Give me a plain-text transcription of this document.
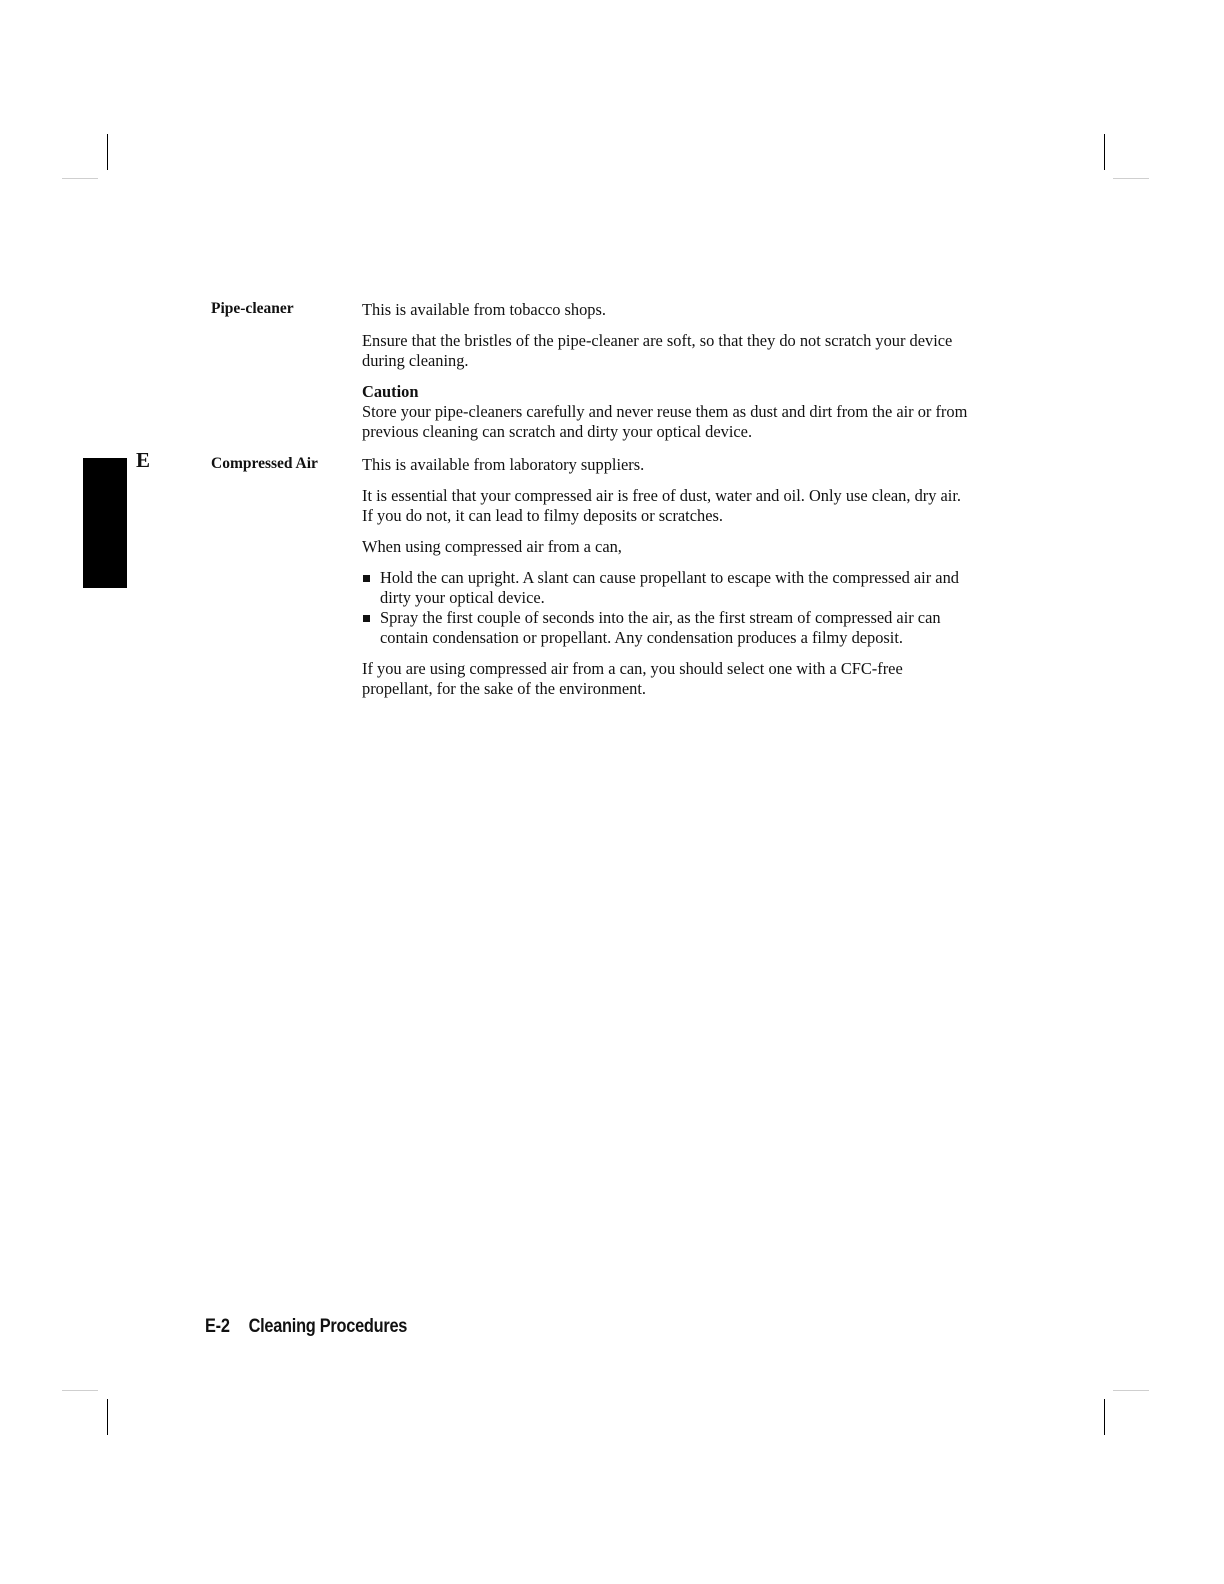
E
Pipe-cleaner	This is available from tobacco shops.

Ensure that the bristles of the pipe-cleaner are soft, so that they do not scratch your device during cleaning.

Caution
Store your pipe-cleaners carefully and never reuse them as dust and dirt from the air or from previous cleaning can scratch and dirty your optical device.

Compressed Air	This is available from laboratory suppliers.

It is essential that your compressed air is free of dust, water and oil. Only use clean, dry air. If you do not, it can lead to filmy deposits or scratches.

When using compressed air from a can,

Hold the can upright. A slant can cause propellant to escape with the compressed air and dirty your optical device.
Spray the first couple of seconds into the air, as the first stream of compressed air can contain condensation or propellant. Any condensation produces a filmy deposit.

If you are using compressed air from a can, you should select one with a CFC-free propellant, for the sake of the environment.

E-2 Cleaning Procedures
